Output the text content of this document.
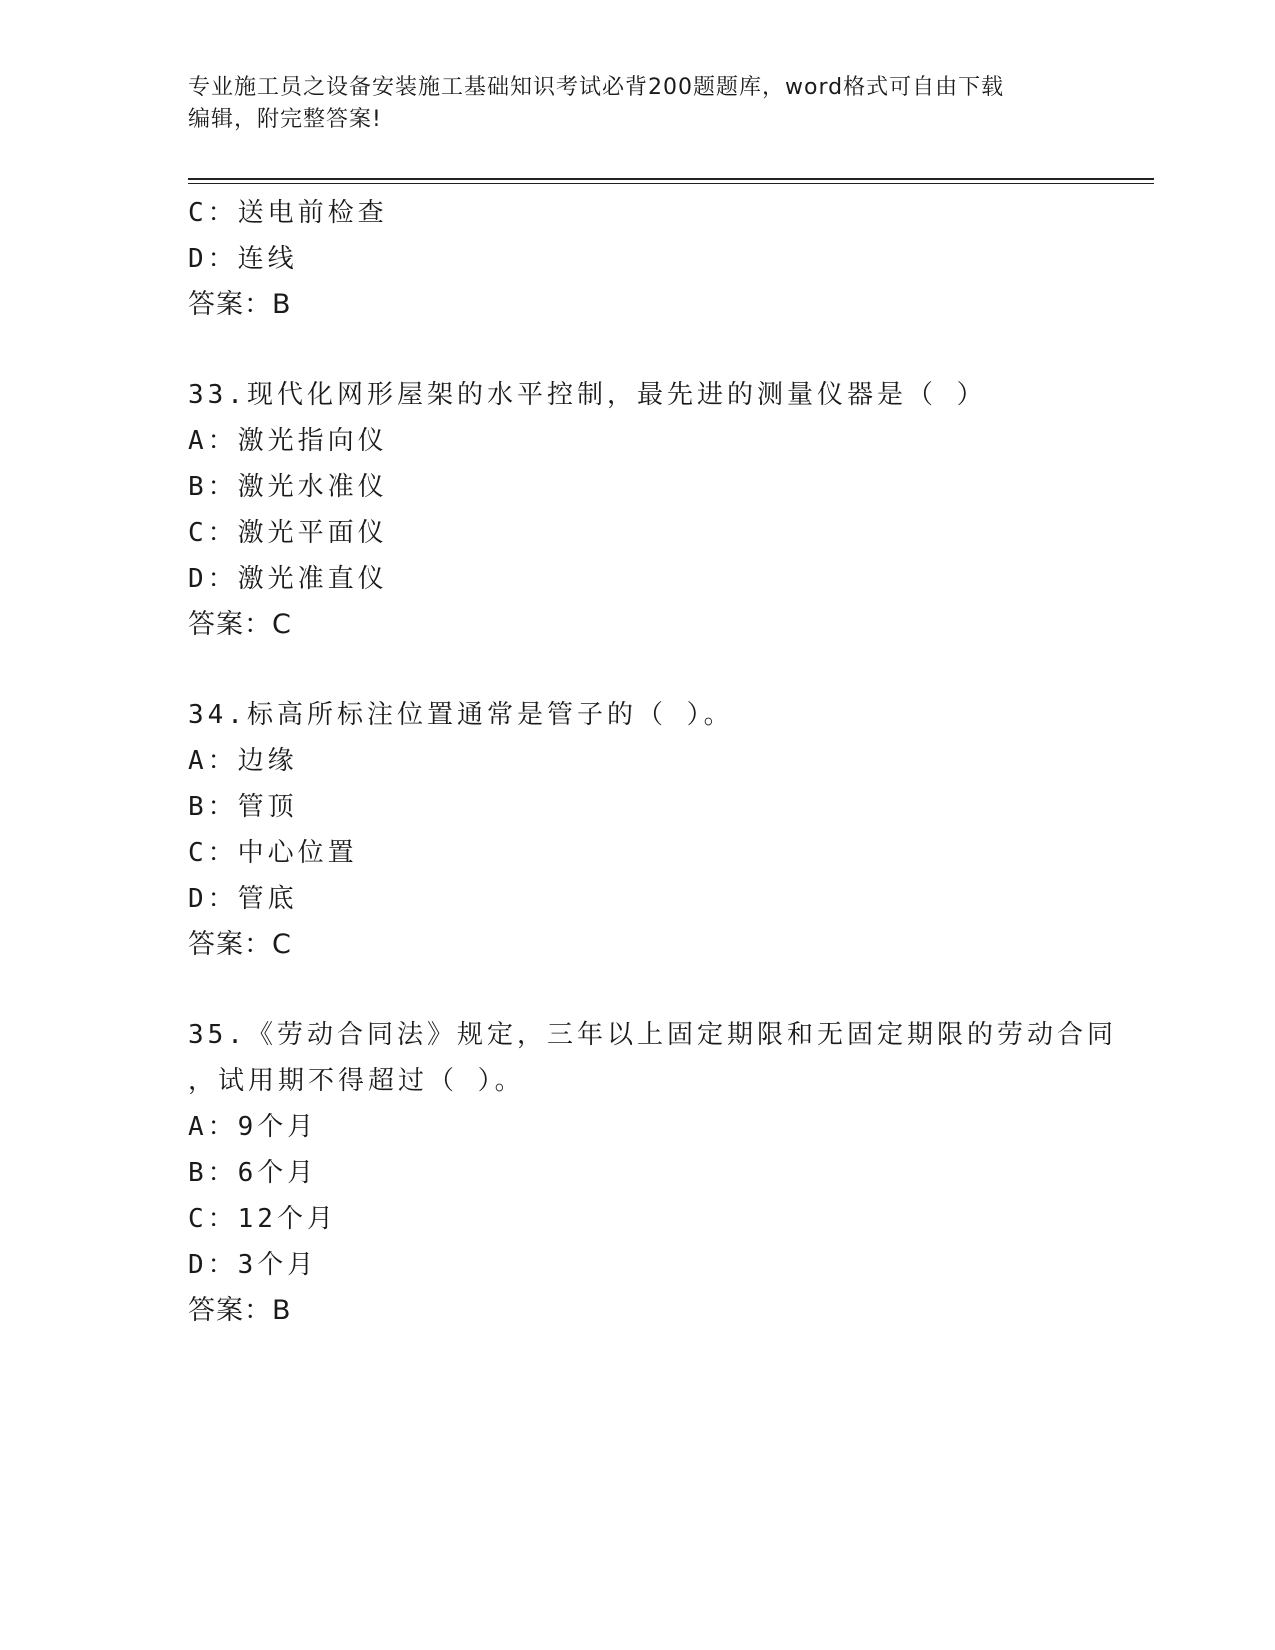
专业施工员之设备安装施工基础知识考试必背200题题库，word格式可自由下载
编辑，附完整答案!
C：送电前检查
D：连线
答案：B
33.现代化网形屋架的水平控制，最先进的测量仪器是（ ）
A：激光指向仪
B：激光水准仪
C：激光平面仪
D：激光准直仪
答案：C
34.标高所标注位置通常是管子的（ ）。
A：边缘
B：管顶
C：中心位置
D：管底
答案：C
35.《劳动合同法》规定，三年以上固定期限和无固定期限的劳动合同
，试用期不得超过（ ）。
A：9个月
B：6个月
C：12个月
D：3个月
答案：B
